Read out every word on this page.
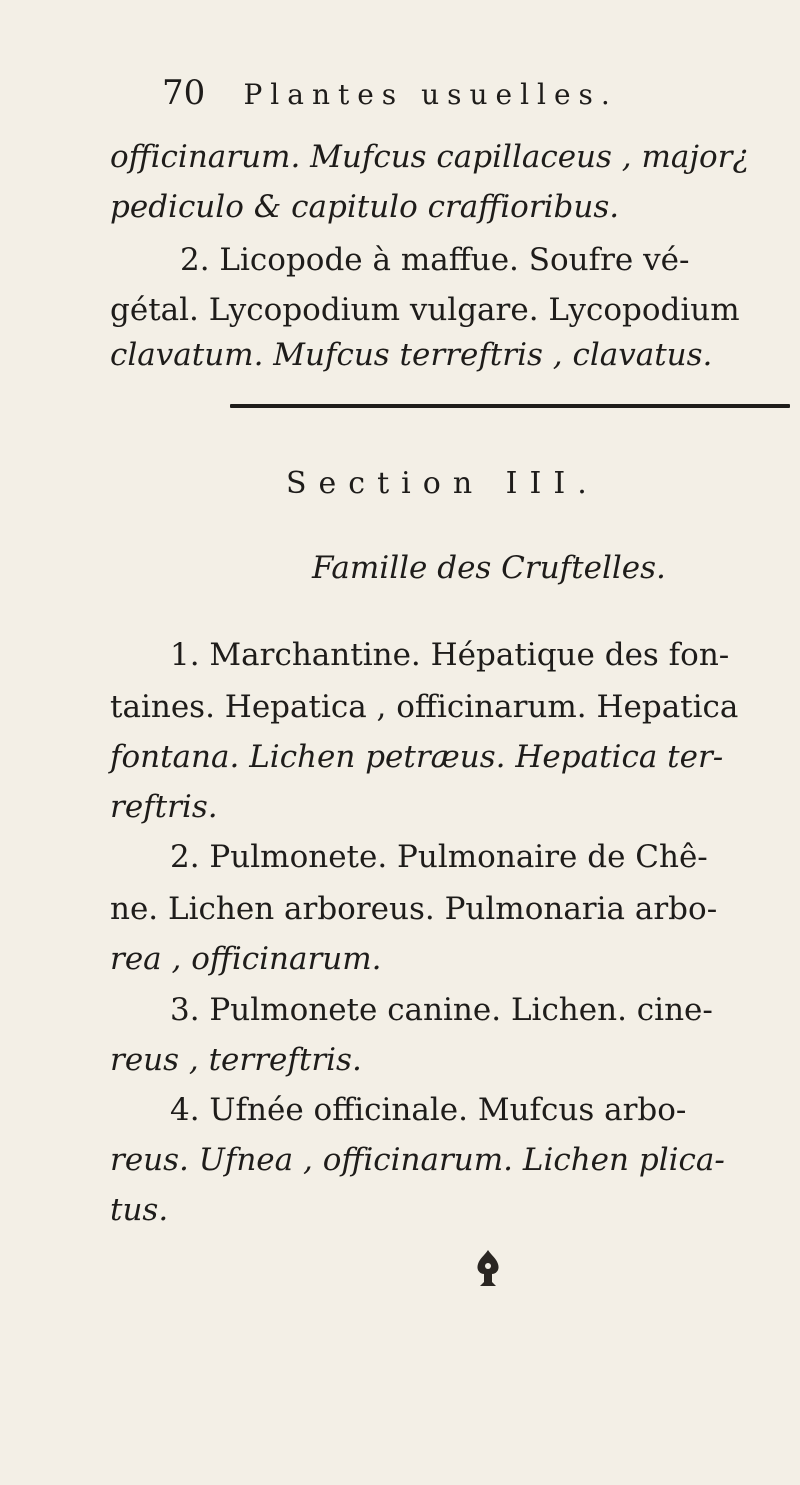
70 Plantes usuelles.
officinarum. Mufcus capillaceus , major¿
pediculo & capitulo craffioribus.
2. Licopode à maffue. Soufre vé-
gétal. Lycopodium vulgare. Lycopodium
clavatum. Mufcus terreftris , clavatus.
Section III.
Famille des Cruftelles.
1. Marchantine. Hépatique des fon-
taines. Hepatica , officinarum. Hepatica
fontana. Lichen petræus. Hepatica ter-
reftris.
2. Pulmonete. Pulmonaire de Chê-
ne. Lichen arboreus. Pulmonaria arbo-
rea , officinarum.
3. Pulmonete canine. Lichen. cine-
reus , terreftris.
4. Ufnée officinale. Mufcus arbo-
reus. Ufnea , officinarum. Lichen plica-
tus.
